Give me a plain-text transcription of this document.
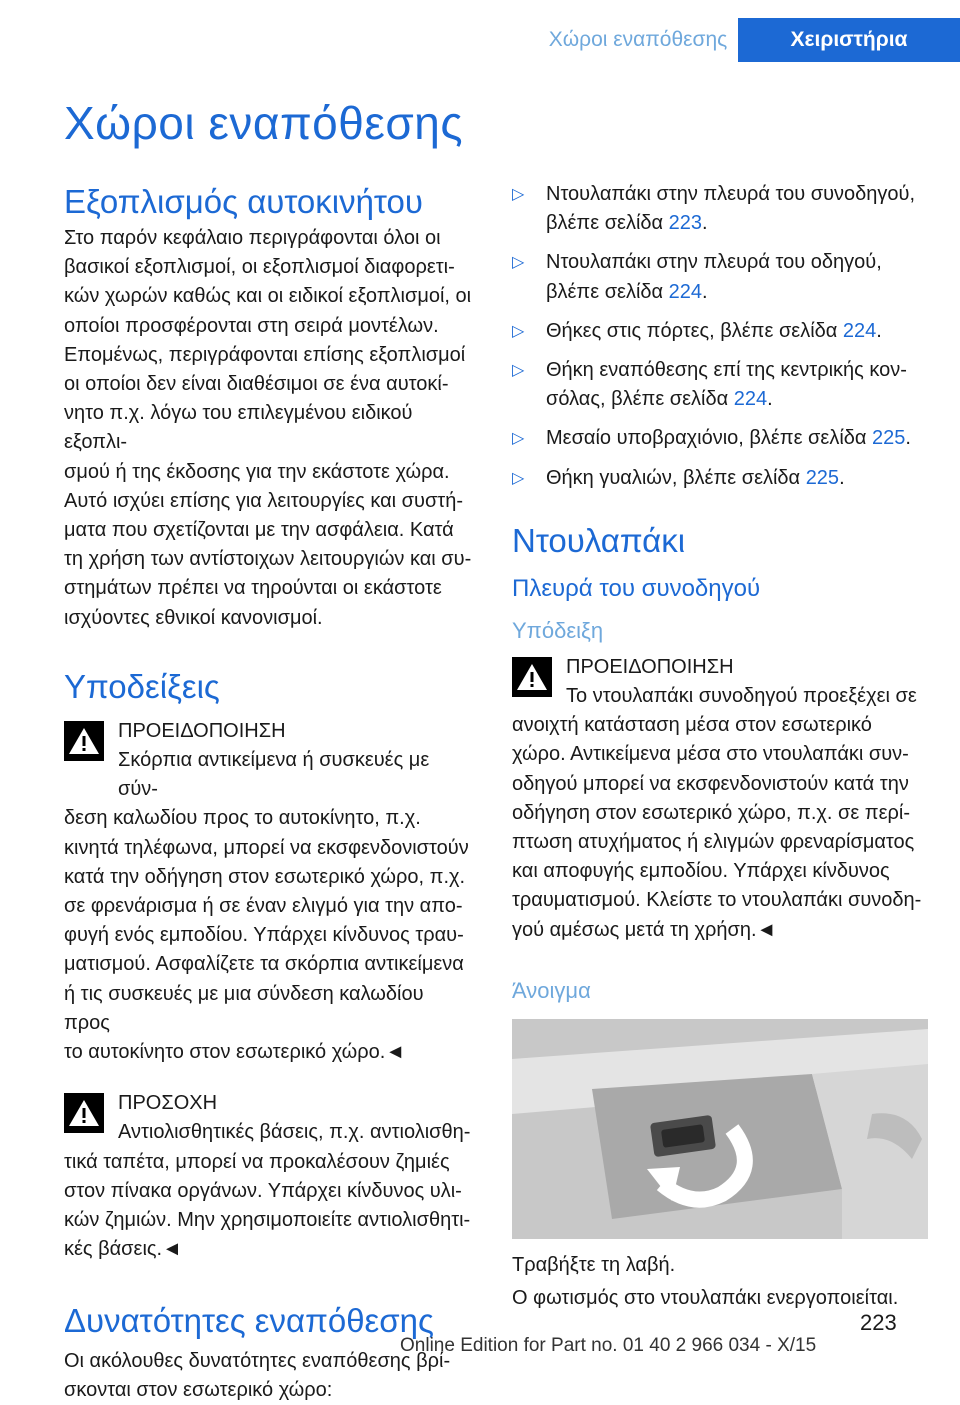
Χώροι εναπόθεσης	Χειριστήρια
Χώροι εναπόθεσης
Εξοπλισμός αυτοκινήτου

Στο παρόν κεφάλαιο περιγράφονται όλοι οι

βασικοί εξοπλισμοί, οι εξοπλισμοί διαφορετι‐

κών χωρών καθώς και οι ειδικοί εξοπλισμοί, οι

οποίοι προσφέρονται στη σειρά μοντέλων.

Επομένως, περιγράφονται επίσης εξοπλισμοί

οι οποίοι δεν είναι διαθέσιμοι σε ένα αυτοκί‐

νητο π.χ. λόγω του επιλεγμένου ειδικού εξοπλι‐

σμού ή της έκδοσης για την εκάστοτε χώρα.

Αυτό ισχύει επίσης για λειτουργίες και συστή‐

ματα που σχετίζονται με την ασφάλεια. Κατά

τη χρήση των αντίστοιχων λειτουργιών και συ‐

στημάτων πρέπει να τηρούνται οι εκάστοτε

ισχύοντες εθνικοί κανονισμοί.

Υποδείξεις

ΠΡΟΕΙΔΟΠΟΙΗΣΗ

Σκόρπια αντικείμενα ή συσκευές με σύν‐

δεση καλωδίου προς το αυτοκίνητο, π.χ.

κινητά τηλέφωνα, μπορεί να εκσφενδονιστούν

κατά την οδήγηση στον εσωτερικό χώρο, π.χ.

σε φρενάρισμα ή σε έναν ελιγμό για την απο‐

φυγή ενός εμποδίου. Υπάρχει κίνδυνος τραυ‐

ματισμού. Ασφαλίζετε τα σκόρπια αντικείμενα

ή τις συσκευές με μια σύνδεση καλωδίου προς

το αυτοκίνητο στον εσωτερικό χώρο.◄

ΠΡΟΣΟΧΗ

Αντιολισθητικές βάσεις, π.χ. αντιολισθη‐

τικά ταπέτα, μπορεί να προκαλέσουν ζημιές

στον πίνακα οργάνων. Υπάρχει κίνδυνος υλι‐

κών ζημιών. Μην χρησιμοποιείτε αντιολισθητι‐

κές βάσεις.◄

Δυνατότητες εναπόθεσης

Οι ακόλουθες δυνατότητες εναπόθεσης βρί‐

σκονται στον εσωτερικό χώρο:

▷ Ντουλαπάκι στην πλευρά του συνοδηγού,
βλέπε σελίδα 223.
▷ Ντουλαπάκι στην πλευρά του οδηγού,
βλέπε σελίδα 224.
▷ Θήκες στις πόρτες, βλέπε σελίδα 224.
▷ Θήκη εναπόθεσης επί της κεντρικής κον‐
σόλας, βλέπε σελίδα 224.
▷ Μεσαίο υποβραχιόνιο, βλέπε σελίδα 225.
▷ Θήκη γυαλιών, βλέπε σελίδα 225.
Ντουλαπάκι
Πλευρά του συνοδηγού
Υπόδειξη

ΠΡΟΕΙΔΟΠΟΙΗΣΗ

Το ντουλαπάκι συνοδηγού προεξέχει σε

ανοιχτή κατάσταση μέσα στον εσωτερικό

χώρο. Αντικείμενα μέσα στο ντουλαπάκι συν‐

οδηγού μπορεί να εκσφενδονιστούν κατά την

οδήγηση στον εσωτερικό χώρο, π.χ. σε περί‐

πτωση ατυχήματος ή ελιγμών φρεναρίσματος

και αποφυγής εμποδίου. Υπάρχει κίνδυνος

τραυματισμού. Κλείστε το ντουλαπάκι συνοδη‐

γού αμέσως μετά τη χρήση.◄

Άνοιγμα

Τραβήξτε τη λαβή.

Ο φωτισμός στο ντουλαπάκι ενεργοποιείται.

223
Online Edition for Part no. 01 40 2 966 034 - X/15
